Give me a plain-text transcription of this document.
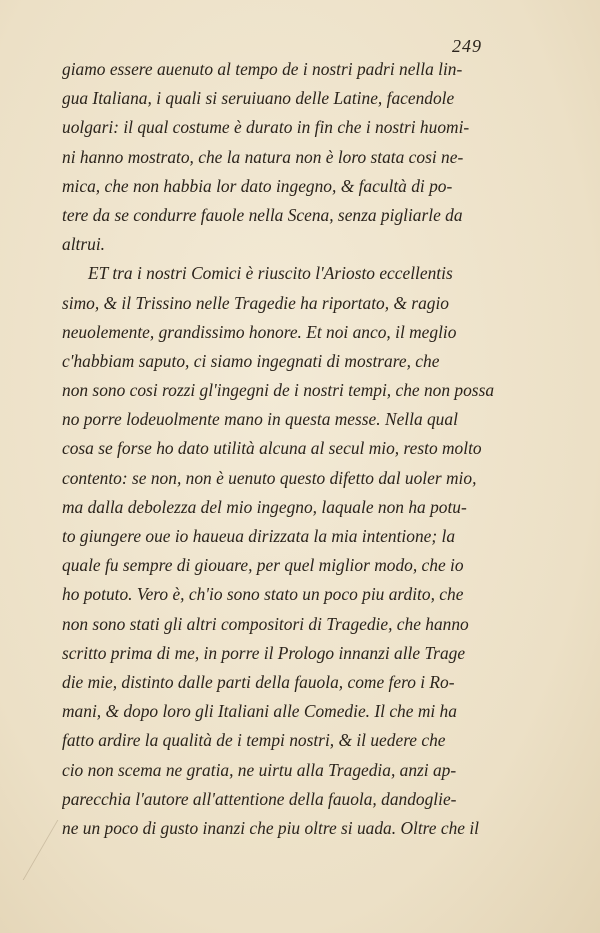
249
giamo essere auenuto al tempo de i nostri padri nella lin-
gua Italiana, i quali si seruiuano delle Latine, facendole
uolgari: il qual costume è durato in fin che i nostri huomi-
ni hanno mostrato, che la natura non è loro stata cosi ne-
mica, che non habbia lor dato ingegno, & facultà di po-
tere da se condurre fauole nella Scena, senza pigliarle da
altrui.
ET tra i nostri Comici è riuscito l'Ariosto eccellentis
simo, & il Trissino nelle Tragedie ha riportato, & ragio
neuolemente, grandissimo honore. Et noi anco, il meglio
c'habbiam saputo, ci siamo ingegnati di mostrare, che
non sono cosi rozzi gl'ingegni de i nostri tempi, che non possa
no porre lodeuolmente mano in questa messe. Nella qual
cosa se forse ho dato utilità alcuna al secul mio, resto molto
contento: se non, non è uenuto questo difetto dal uoler mio,
ma dalla debolezza del mio ingegno, laquale non ha potu-
to giungere oue io haueua dirizzata la mia intentione; la
quale fu sempre di giouare, per quel miglior modo, che io
ho potuto. Vero è, ch'io sono stato un poco piu ardito, che
non sono stati gli altri compositori di Tragedie, che hanno
scritto prima di me, in porre il Prologo innanzi alle Trage
die mie, distinto dalle parti della fauola, come fero i Ro-
mani, & dopo loro gli Italiani alle Comedie. Il che mi ha
fatto ardire la qualità de i tempi nostri, & il uedere che
cio non scema ne gratia, ne uirtu alla Tragedia, anzi ap-
parecchia l'autore all'attentione della fauola, dandoglie-
ne un poco di gusto inanzi che piu oltre si uada. Oltre che il
